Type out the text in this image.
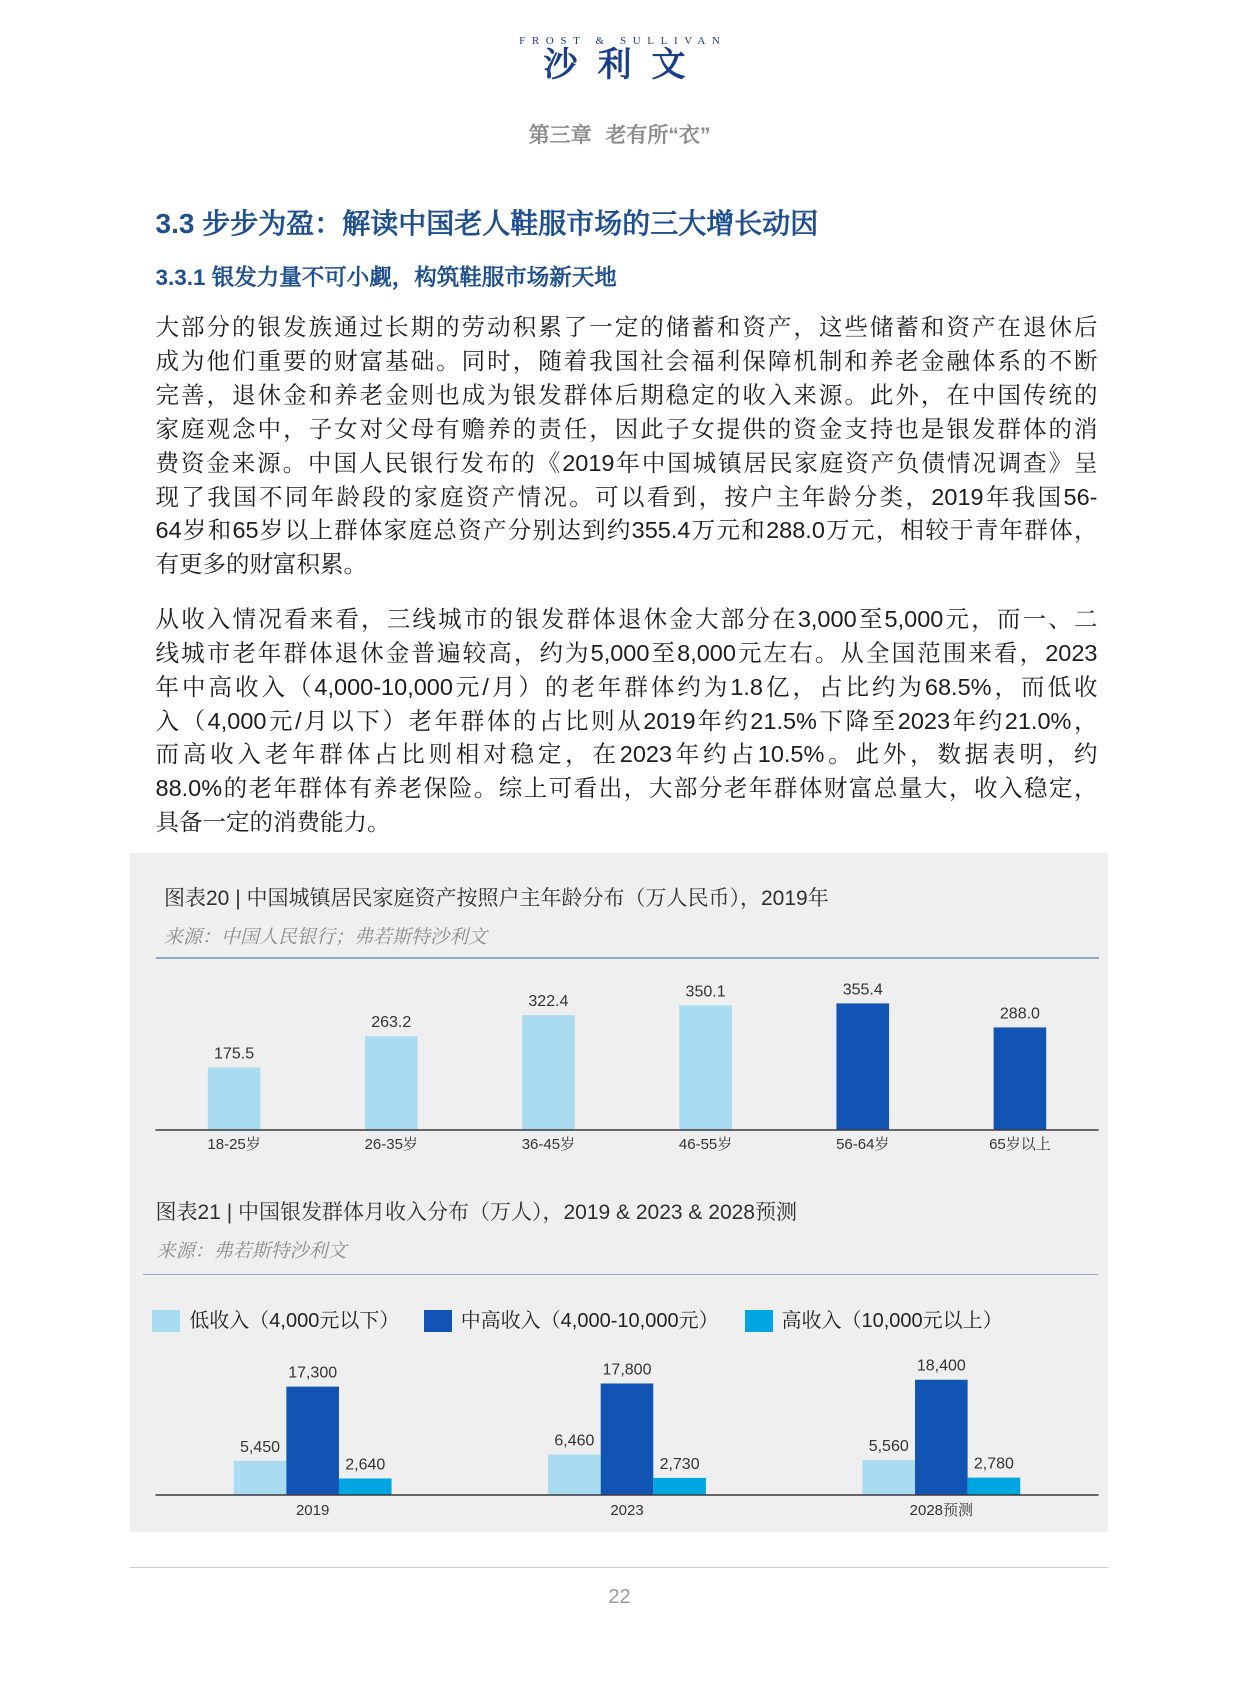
FROST & SULLIVAN
沙利文
第三章 老有所“衣”
3.3 步步为盈：解读中国老人鞋服市场的三大增长动因
3.3.1 银发力量不可小觑，构筑鞋服市场新天地
大部分的银发族通过长期的劳动积累了一定的储蓄和资产，这些储蓄和资产在退休后
成为他们重要的财富基础。同时，随着我国社会福利保障机制和养老金融体系的不断
完善，退休金和养老金则也成为银发群体后期稳定的收入来源。此外，在中国传统的
家庭观念中，子女对父母有赡养的责任，因此子女提供的资金支持也是银发群体的消
费资金来源。中国人民银行发布的《2019年中国城镇居民家庭资产负债情况调查》呈
现了我国不同年龄段的家庭资产情况。可以看到，按户主年龄分类，2019年我国56-
64岁和65岁以上群体家庭总资产分别达到约355.4万元和288.0万元，相较于青年群体，
有更多的财富积累。
从收入情况看来看，三线城市的银发群体退休金大部分在3,000至5,000元，而一、二
线城市老年群体退休金普遍较高，约为5,000至8,000元左右。从全国范围来看，2023
年中高收入（4,000-10,000元/月）的老年群体约为1.8亿，占比约为68.5%，而低收
入（4,000元/月以下）老年群体的占比则从2019年约21.5%下降至2023年约21.0%，
而高收入老年群体占比则相对稳定，在2023年约占10.5%。此外，数据表明，约
88.0%的老年群体有养老保险。综上可看出，大部分老年群体财富总量大，收入稳定，
具备一定的消费能力。
图表20 | 中国城镇居民家庭资产按照户主年龄分布（万人民币），2019年
来源：中国人民银行；弗若斯特沙利文
175.5
18-25岁
263.2
26-35岁
322.4
36-45岁
350.1
46-55岁
355.4
56-64岁
288.0
65岁以上
图表21 | 中国银发群体月收入分布（万人），2019 & 2023 & 2028预测
来源：弗若斯特沙利文
低收入（4,000元以下）	中高收入（4,000-10,000元）	高收入（10,000元以上）
5,450
17,300
2,640
2019
6,460
17,800
2,730
2023
5,560
18,400
2,780
2028预测
22
